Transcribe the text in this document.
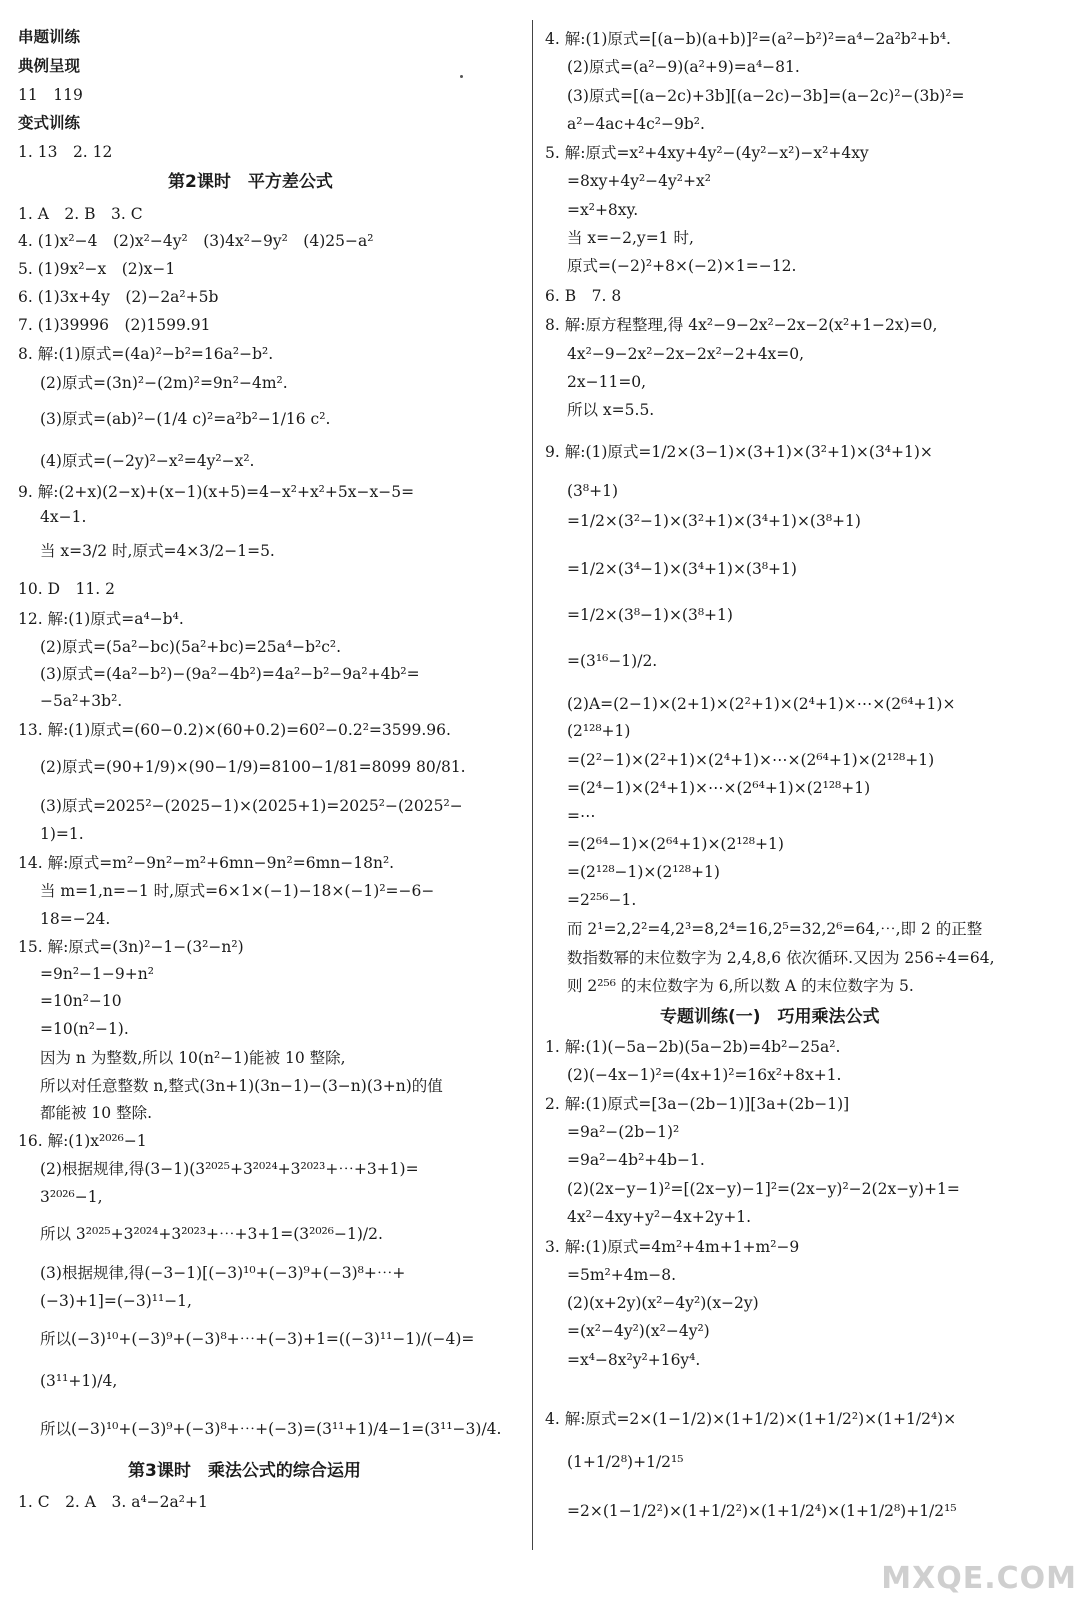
串题训练
典例呈现
11　119
变式训练
1. 13　2. 12
第2课时　平方差公式
1. A　2. B　3. C
4. (1)x²−4　(2)x²−4y²　(3)4x²−9y²　(4)25−a²
5. (1)9x²−x　(2)x−1
6. (1)3x+4y　(2)−2a²+5b
7. (1)39996　(2)1599.91
8. 解:(1)原式=(4a)²−b²=16a²−b².
(2)原式=(3n)²−(2m)²=9n²−4m².
(3)原式=(ab)²−(1/4 c)²=a²b²−1/16 c².
(4)原式=(−2y)²−x²=4y²−x².
9. 解:(2+x)(2−x)+(x−1)(x+5)=4−x²+x²+5x−x−5=
4x−1.
当 x=3/2 时,原式=4×3/2−1=5.
10. D　11. 2
12. 解:(1)原式=a⁴−b⁴.
(2)原式=(5a²−bc)(5a²+bc)=25a⁴−b²c².
(3)原式=(4a²−b²)−(9a²−4b²)=4a²−b²−9a²+4b²=
−5a²+3b².
13. 解:(1)原式=(60−0.2)×(60+0.2)=60²−0.2²=3599.96.
(2)原式=(90+1/9)×(90−1/9)=8100−1/81=8099 80/81.
(3)原式=2025²−(2025−1)×(2025+1)=2025²−(2025²−
1)=1.
14. 解:原式=m²−9n²−m²+6mn−9n²=6mn−18n².
当 m=1,n=−1 时,原式=6×1×(−1)−18×(−1)²=−6−
18=−24.
15. 解:原式=(3n)²−1−(3²−n²)
=9n²−1−9+n²
=10n²−10
=10(n²−1).
因为 n 为整数,所以 10(n²−1)能被 10 整除,
所以对任意整数 n,整式(3n+1)(3n−1)−(3−n)(3+n)的值
都能被 10 整除.
16. 解:(1)x²⁰²⁶−1
(2)根据规律,得(3−1)(3²⁰²⁵+3²⁰²⁴+3²⁰²³+⋯+3+1)=
3²⁰²⁶−1,
所以 3²⁰²⁵+3²⁰²⁴+3²⁰²³+⋯+3+1=(3²⁰²⁶−1)/2.
(3)根据规律,得(−3−1)[(−3)¹⁰+(−3)⁹+(−3)⁸+⋯+
(−3)+1]=(−3)¹¹−1,
所以(−3)¹⁰+(−3)⁹+(−3)⁸+⋯+(−3)+1=((−3)¹¹−1)/(−4)=
(3¹¹+1)/4,
所以(−3)¹⁰+(−3)⁹+(−3)⁸+⋯+(−3)=(3¹¹+1)/4−1=(3¹¹−3)/4.
第3课时　乘法公式的综合运用
1. C　2. A　3. a⁴−2a²+1
4. 解:(1)原式=[(a−b)(a+b)]²=(a²−b²)²=a⁴−2a²b²+b⁴.
(2)原式=(a²−9)(a²+9)=a⁴−81.
(3)原式=[(a−2c)+3b][(a−2c)−3b]=(a−2c)²−(3b)²=
a²−4ac+4c²−9b².
5. 解:原式=x²+4xy+4y²−(4y²−x²)−x²+4xy
=8xy+4y²−4y²+x²
=x²+8xy.
当 x=−2,y=1 时,
原式=(−2)²+8×(−2)×1=−12.
6. B　7. 8
8. 解:原方程整理,得 4x²−9−2x²−2x−2(x²+1−2x)=0,
4x²−9−2x²−2x−2x²−2+4x=0,
2x−11=0,
所以 x=5.5.
9. 解:(1)原式=1/2×(3−1)×(3+1)×(3²+1)×(3⁴+1)×
(3⁸+1)
=1/2×(3²−1)×(3²+1)×(3⁴+1)×(3⁸+1)
=1/2×(3⁴−1)×(3⁴+1)×(3⁸+1)
=1/2×(3⁸−1)×(3⁸+1)
=(3¹⁶−1)/2.
(2)A=(2−1)×(2+1)×(2²+1)×(2⁴+1)×⋯×(2⁶⁴+1)×
(2¹²⁸+1)
=(2²−1)×(2²+1)×(2⁴+1)×⋯×(2⁶⁴+1)×(2¹²⁸+1)
=(2⁴−1)×(2⁴+1)×⋯×(2⁶⁴+1)×(2¹²⁸+1)
=⋯
=(2⁶⁴−1)×(2⁶⁴+1)×(2¹²⁸+1)
=(2¹²⁸−1)×(2¹²⁸+1)
=2²⁵⁶−1.
而 2¹=2,2²=4,2³=8,2⁴=16,2⁵=32,2⁶=64,⋯,即 2 的正整
数指数幂的末位数字为 2,4,8,6 依次循环.又因为 256÷4=64,
则 2²⁵⁶ 的末位数字为 6,所以数 A 的末位数字为 5.
专题训练(一)　巧用乘法公式
1. 解:(1)(−5a−2b)(5a−2b)=4b²−25a².
(2)(−4x−1)²=(4x+1)²=16x²+8x+1.
2. 解:(1)原式=[3a−(2b−1)][3a+(2b−1)]
=9a²−(2b−1)²
=9a²−4b²+4b−1.
(2)(2x−y−1)²=[(2x−y)−1]²=(2x−y)²−2(2x−y)+1=
4x²−4xy+y²−4x+2y+1.
3. 解:(1)原式=4m²+4m+1+m²−9
=5m²+4m−8.
(2)(x+2y)(x²−4y²)(x−2y)
=(x²−4y²)(x²−4y²)
=x⁴−8x²y²+16y⁴.
4. 解:原式=2×(1−1/2)×(1+1/2)×(1+1/2²)×(1+1/2⁴)×
(1+1/2⁸)+1/2¹⁵
=2×(1−1/2²)×(1+1/2²)×(1+1/2⁴)×(1+1/2⁸)+1/2¹⁵
MXQE.COM
